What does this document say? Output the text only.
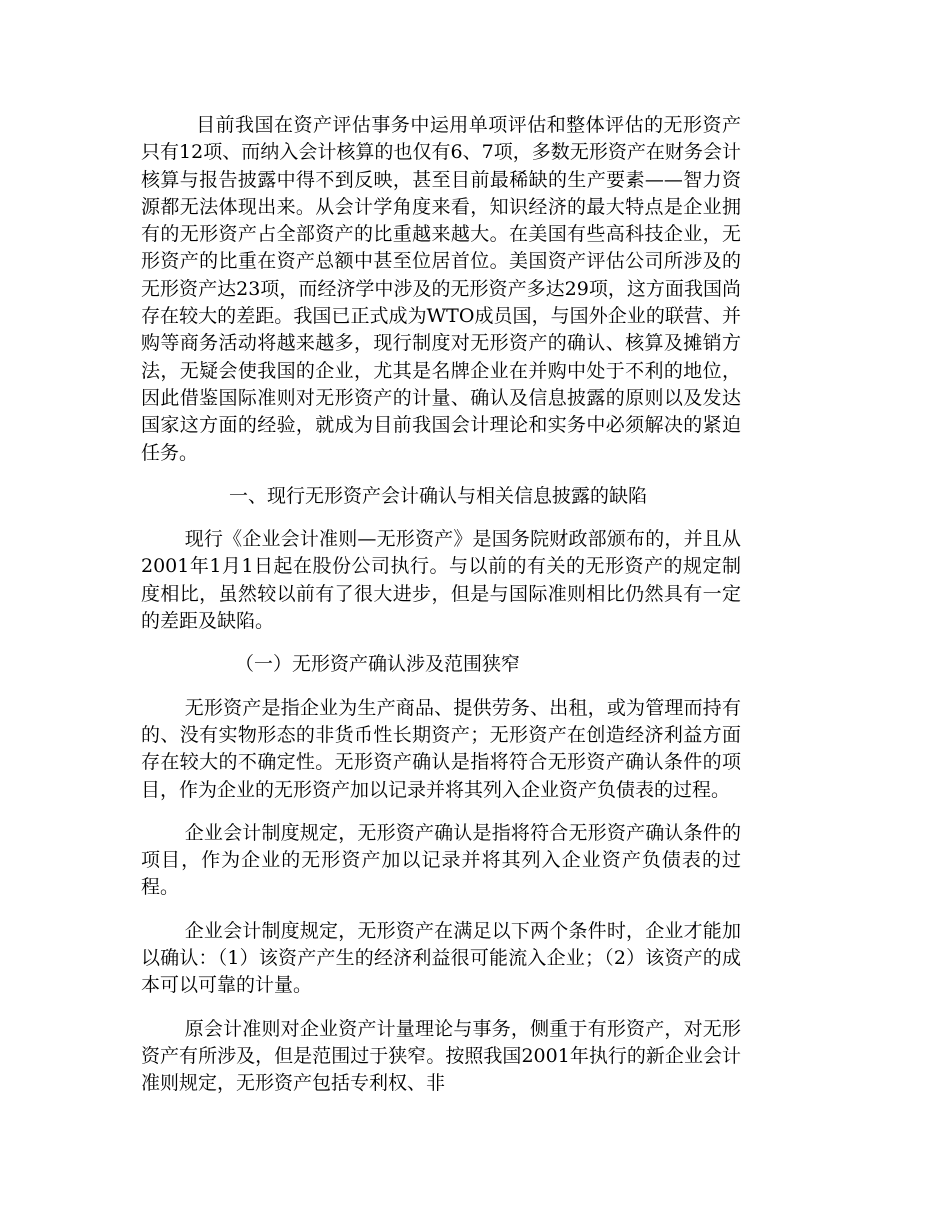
目前我国在资产评估事务中运用单项评估和整体评估的无形资产只有12项、而纳入会计核算的也仅有6、7项，多数无形资产在财务会计核算与报告披露中得不到反映，甚至目前最稀缺的生产要素——智力资源都无法体现出来。从会计学角度来看，知识经济的最大特点是企业拥有的无形资产占全部资产的比重越来越大。在美国有些高科技企业，无形资产的比重在资产总额中甚至位居首位。美国资产评估公司所涉及的无形资产达23项，而经济学中涉及的无形资产多达29项，这方面我国尚存在较大的差距。我国已正式成为WTO成员国，与国外企业的联营、并购等商务活动将越来越多，现行制度对无形资产的确认、核算及摊销方法，无疑会使我国的企业，尤其是名牌企业在并购中处于不利的地位，因此借鉴国际准则对无形资产的计量、确认及信息披露的原则以及发达国家这方面的经验，就成为目前我国会计理论和实务中必须解决的紧迫任务。

一、现行无形资产会计确认与相关信息披露的缺陷

现行《企业会计准则—无形资产》是国务院财政部颁布的，并且从2001年1月1日起在股份公司执行。与以前的有关的无形资产的规定制度相比，虽然较以前有了很大进步，但是与国际准则相比仍然具有一定的差距及缺陷。

（一）无形资产确认涉及范围狭窄

无形资产是指企业为生产商品、提供劳务、出租，或为管理而持有的、没有实物形态的非货币性长期资产；无形资产在创造经济利益方面存在较大的不确定性。无形资产确认是指将符合无形资产确认条件的项目，作为企业的无形资产加以记录并将其列入企业资产负债表的过程。

企业会计制度规定，无形资产确认是指将符合无形资产确认条件的项目，作为企业的无形资产加以记录并将其列入企业资产负债表的过程。

企业会计制度规定，无形资产在满足以下两个条件时，企业才能加以确认：（1）该资产产生的经济利益很可能流入企业；（2）该资产的成本可以可靠的计量。

原会计准则对企业资产计量理论与事务，侧重于有形资产，对无形资产有所涉及，但是范围过于狭窄。按照我国2001年执行的新企业会计准则规定，无形资产包括专利权、非
